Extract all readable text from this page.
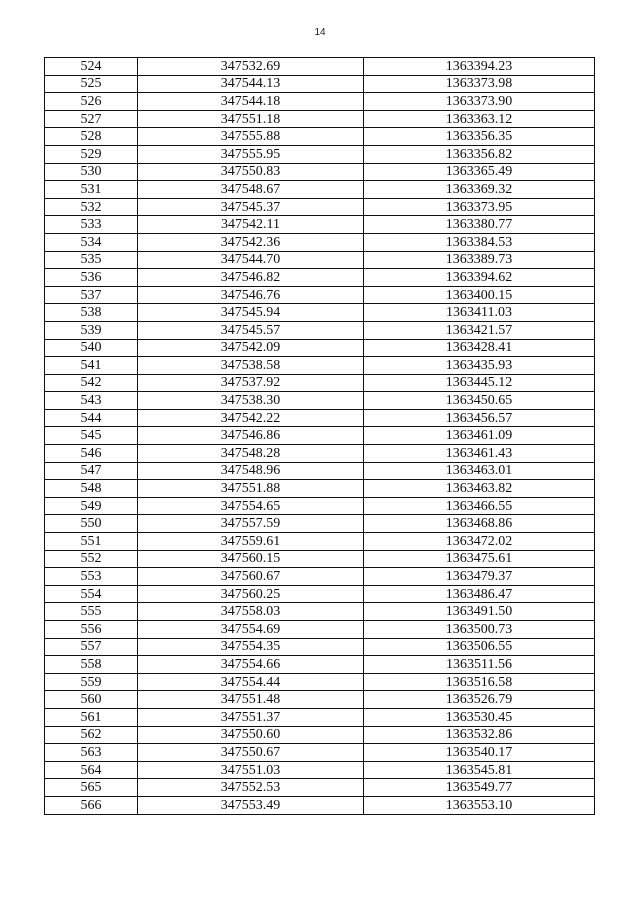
14
524	347532.69	1363394.23
525	347544.13	1363373.98
526	347544.18	1363373.90
527	347551.18	1363363.12
528	347555.88	1363356.35
529	347555.95	1363356.82
530	347550.83	1363365.49
531	347548.67	1363369.32
532	347545.37	1363373.95
533	347542.11	1363380.77
534	347542.36	1363384.53
535	347544.70	1363389.73
536	347546.82	1363394.62
537	347546.76	1363400.15
538	347545.94	1363411.03
539	347545.57	1363421.57
540	347542.09	1363428.41
541	347538.58	1363435.93
542	347537.92	1363445.12
543	347538.30	1363450.65
544	347542.22	1363456.57
545	347546.86	1363461.09
546	347548.28	1363461.43
547	347548.96	1363463.01
548	347551.88	1363463.82
549	347554.65	1363466.55
550	347557.59	1363468.86
551	347559.61	1363472.02
552	347560.15	1363475.61
553	347560.67	1363479.37
554	347560.25	1363486.47
555	347558.03	1363491.50
556	347554.69	1363500.73
557	347554.35	1363506.55
558	347554.66	1363511.56
559	347554.44	1363516.58
560	347551.48	1363526.79
561	347551.37	1363530.45
562	347550.60	1363532.86
563	347550.67	1363540.17
564	347551.03	1363545.81
565	347552.53	1363549.77
566	347553.49	1363553.10
